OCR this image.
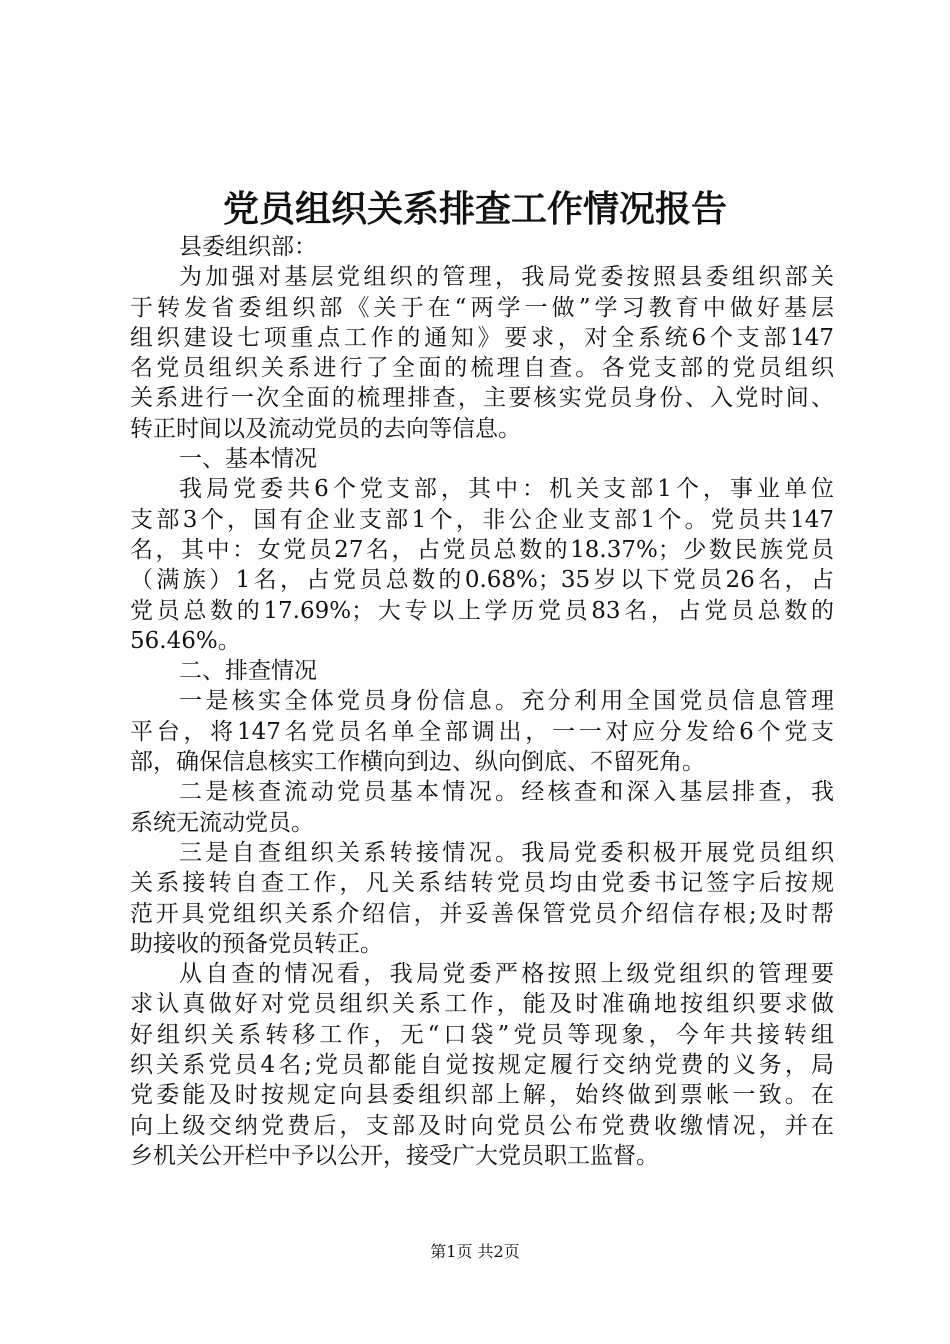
党员组织关系排查工作情况报告
县委组织部：
为加强对基层党组织的管理，我局党委按照县委组织部关
于转发省委组织部《关于在“两学一做”学习教育中做好基层
组织建设七项重点工作的通知》要求，对全系统6个支部147
名党员组织关系进行了全面的梳理自查。各党支部的党员组织
关系进行一次全面的梳理排查，主要核实党员身份、入党时间、
转正时间以及流动党员的去向等信息。
一、基本情况
我局党委共6个党支部，其中：机关支部1个，事业单位
支部3个，国有企业支部1个，非公企业支部1个。党员共147
名，其中：女党员27名，占党员总数的18.37%；少数民族党员
（满族）1名，占党员总数的0.68%；35岁以下党员26名，占
党员总数的17.69%；大专以上学历党员83名，占党员总数的
56.46%。
二、排查情况
一是核实全体党员身份信息。充分利用全国党员信息管理
平台，将147名党员名单全部调出，一一对应分发给6个党支
部，确保信息核实工作横向到边、纵向倒底、不留死角。
二是核查流动党员基本情况。经核查和深入基层排查，我
系统无流动党员。
三是自查组织关系转接情况。我局党委积极开展党员组织
关系接转自查工作，凡关系结转党员均由党委书记签字后按规
范开具党组织关系介绍信，并妥善保管党员介绍信存根;及时帮
助接收的预备党员转正。
从自查的情况看，我局党委严格按照上级党组织的管理要
求认真做好对党员组织关系工作，能及时准确地按组织要求做
好组织关系转移工作，无“口袋”党员等现象，今年共接转组
织关系党员4名;党员都能自觉按规定履行交纳党费的义务，局
党委能及时按规定向县委组织部上解，始终做到票帐一致。在
向上级交纳党费后，支部及时向党员公布党费收缴情况，并在
乡机关公开栏中予以公开，接受广大党员职工监督。
第1页 共2页
